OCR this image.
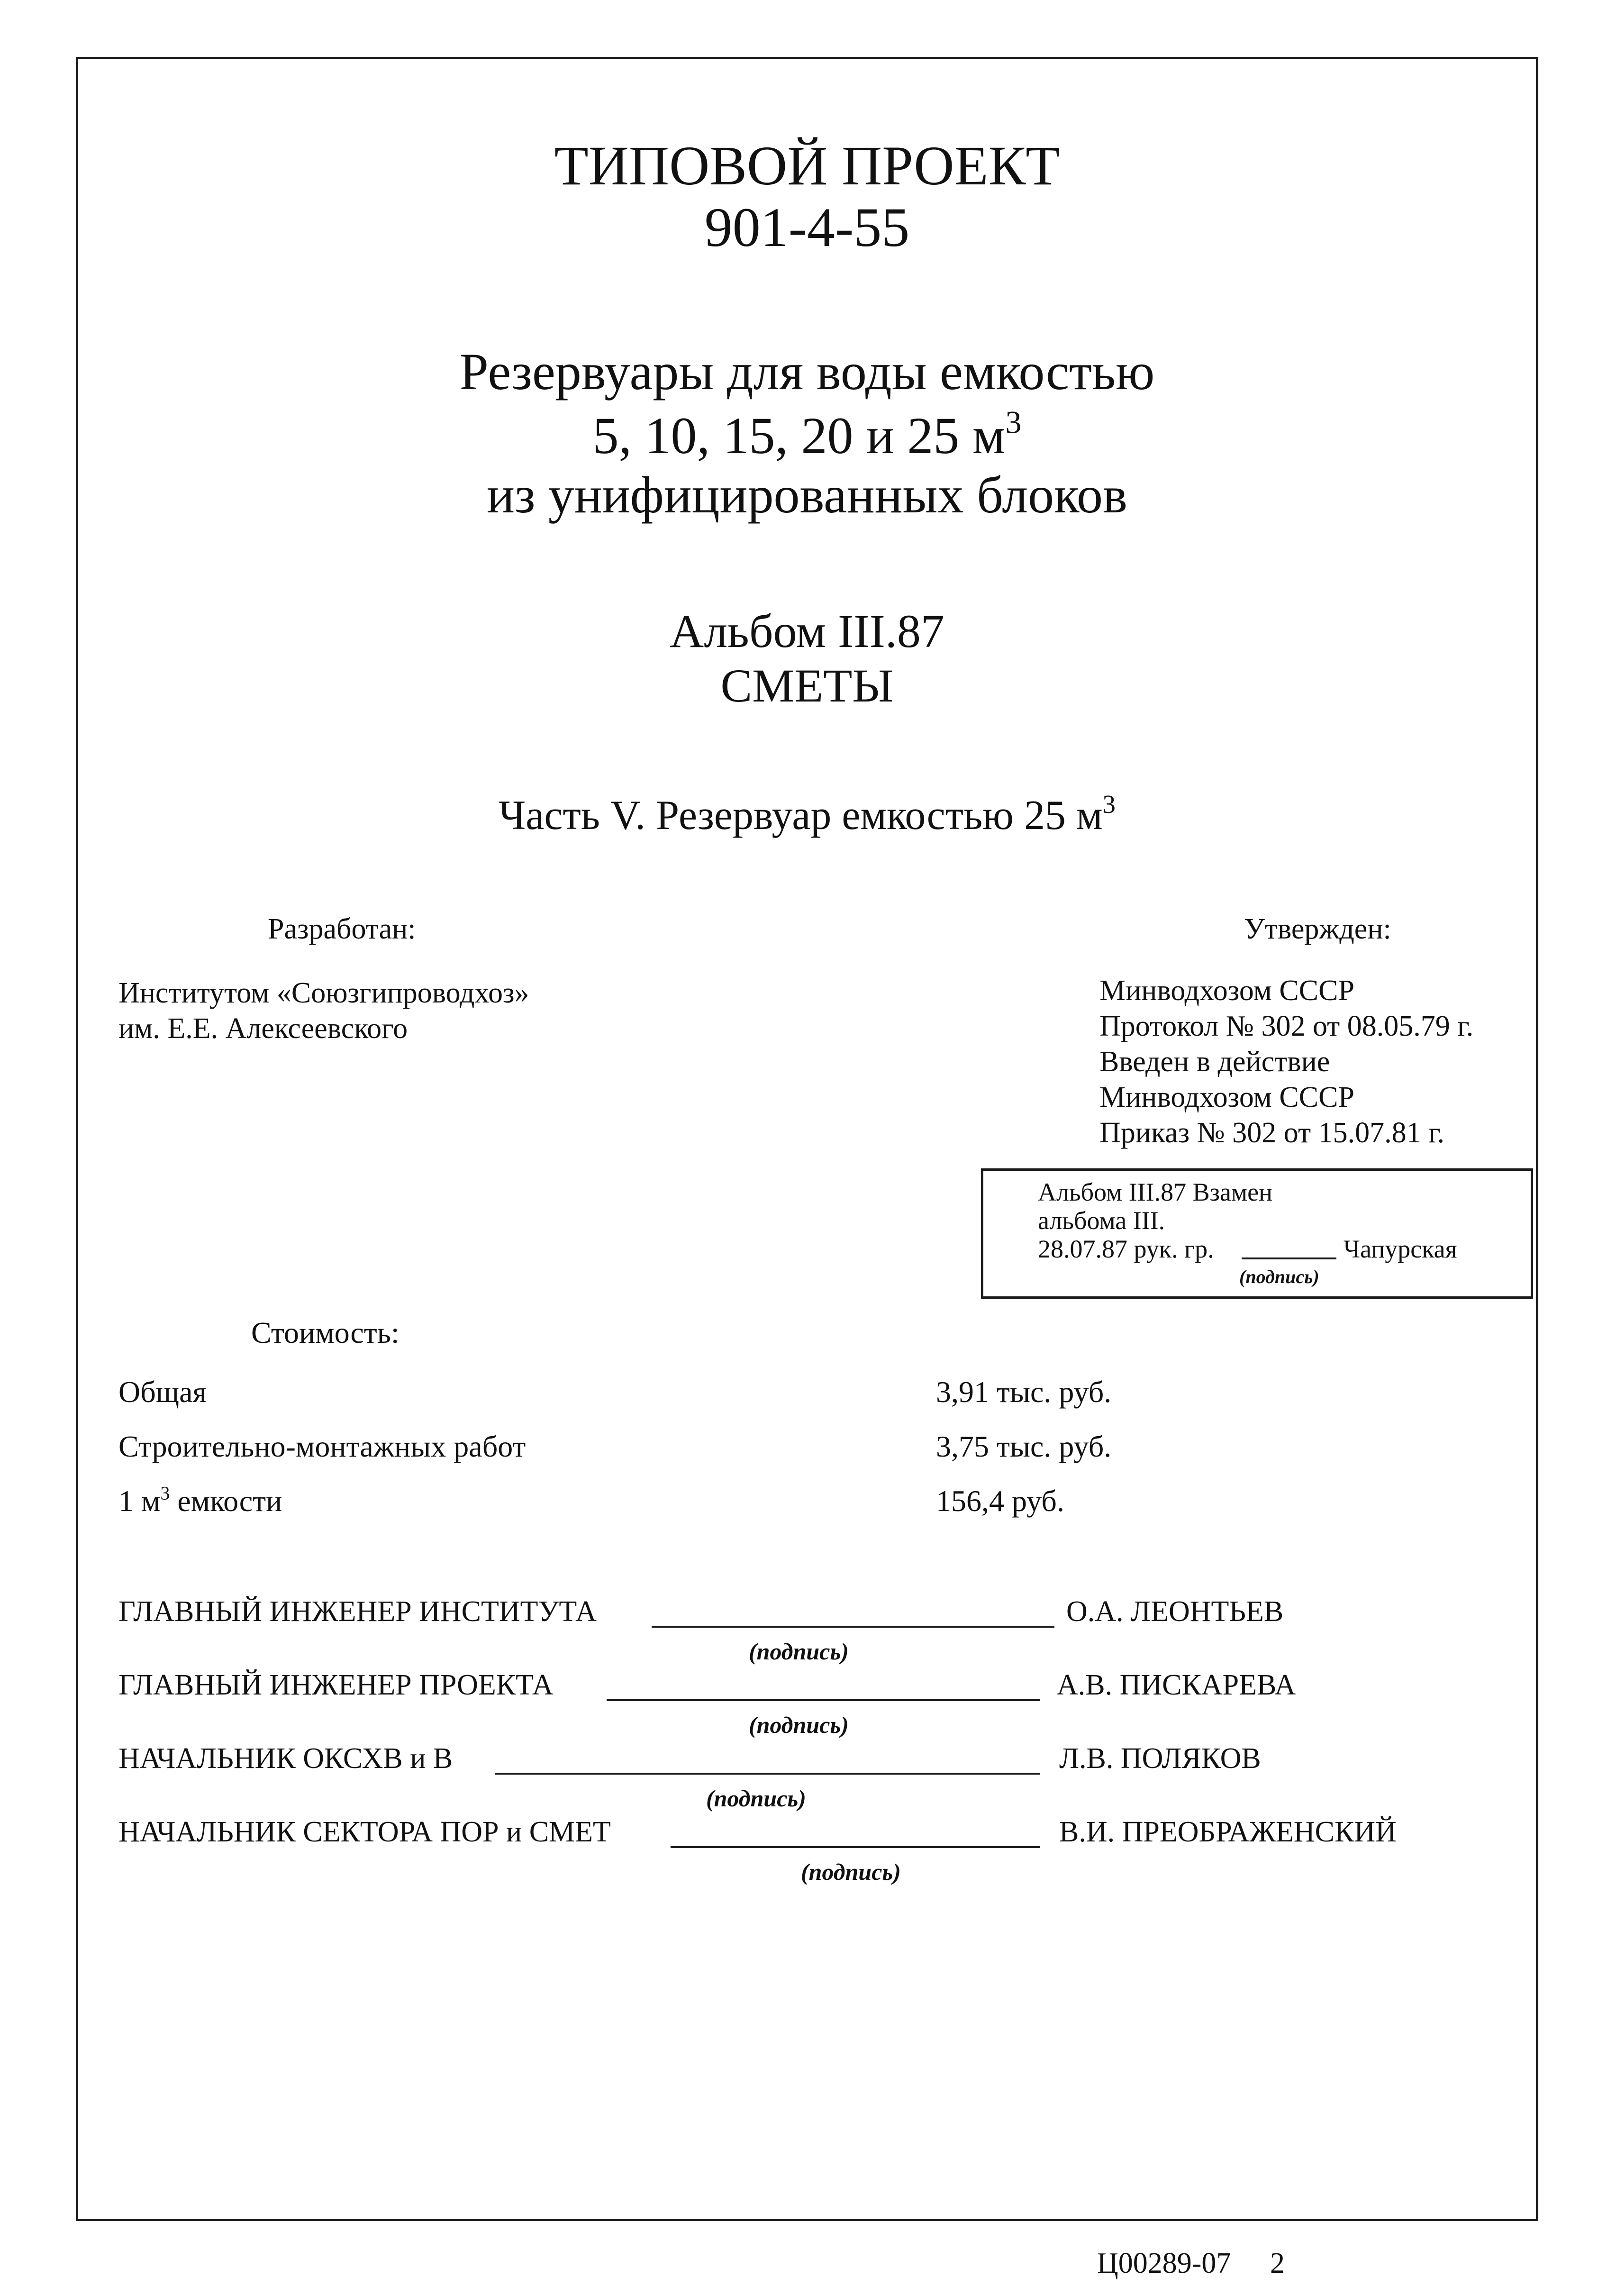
ТИПОВОЙ ПРОЕКТ
901-4-55
Резервуары для воды емкостью
5, 10, 15, 20 и 25 $м^3$
из унифицированных блоков
Альбом III.87
СМЕТЫ
Часть V. Резервуар емкостью 25 $м^3$
Разработан:
Институтом «Союзгипроводхоз»
им. Е.Е. Алексеевского
Утвержден:
Минводхозом СССР
Протокол № 302 от 08.05.79 г.
Введен в действие
Минводхозом СССР
Приказ № 302 от 15.07.81 г.
Альбом III.87 Взамен
альбома III.
28.07.87 рук. гр.	Чапурская
(подпись)
Стоимость:
Общая	3,91 тыс. руб.
Строительно-монтажных работ	3,75 тыс. руб.
1 $м^3$ емкости	156,4 руб.
ГЛАВНЫЙ ИНЖЕНЕР ИНСТИТУТА	О.А. ЛЕОНТЬЕВ
(подпись)
ГЛАВНЫЙ ИНЖЕНЕР ПРОЕКТА	А.В. ПИСКАРЕВА
(подпись)
НАЧАЛЬНИК ОКСХВ и В	Л.В. ПОЛЯКОВ
(подпись)
НАЧАЛЬНИК СЕКТОРА ПОР и СМЕТ	В.И. ПРЕОБРАЖЕНСКИЙ
(подпись)
Ц00289-07 2
